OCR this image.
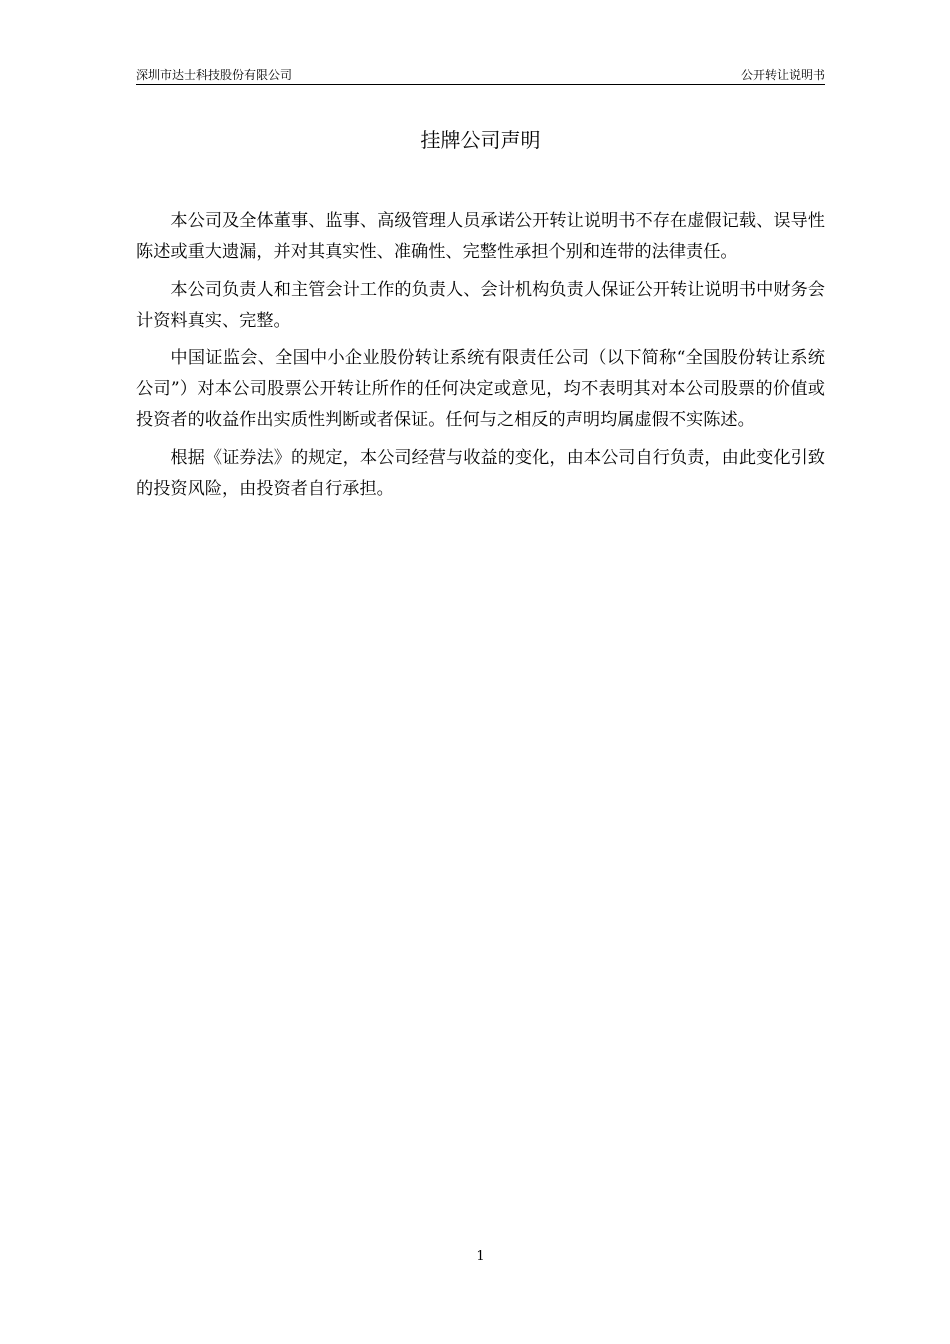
深圳市达士科技股份有限公司	公开转让说明书
挂牌公司声明

本公司及全体董事、监事、高级管理人员承诺公开转让说明书不存在虚假记载、误导性陈述或重大遗漏，并对其真实性、准确性、完整性承担个别和连带的法律责任。

本公司负责人和主管会计工作的负责人、会计机构负责人保证公开转让说明书中财务会计资料真实、完整。

中国证监会、全国中小企业股份转让系统有限责任公司（以下简称“全国股份转让系统公司”）对本公司股票公开转让所作的任何决定或意见，均不表明其对本公司股票的价值或投资者的收益作出实质性判断或者保证。任何与之相反的声明均属虚假不实陈述。

根据《证券法》的规定，本公司经营与收益的变化，由本公司自行负责，由此变化引致的投资风险，由投资者自行承担。

1
